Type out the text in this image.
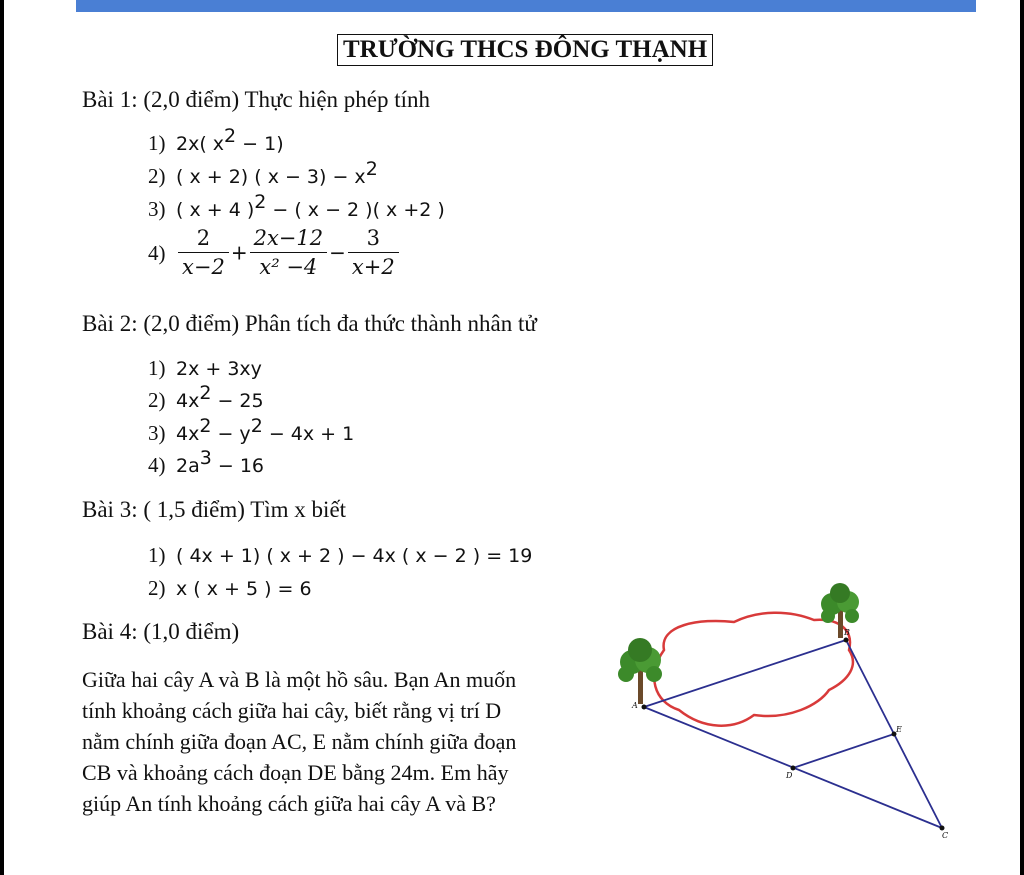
TRƯỜNG THCS ĐÔNG THẠNH
Bài 1: (2,0 điểm) Thực hiện phép tính
1) 2x( $x^2 - 1$)
2) ( x + 2) ( $x - 3) - x^2$
3) ( x + 4 )$^2$ − ( x − 2 )( x +2 )
$4) \frac{2}{x-2} + \frac{2x-12}{\text{x² −4}} - \frac{3}{x+2}$
Bài 2: (2,0 điểm) Phân tích đa thức thành nhân tử
1) 2x + 3xy
2) $4x^2 - 25$
3) $4x^2 - y^2 - 4x + 1$
4) $2a^3 - 16$
Bài 3: ( 1,5 điểm) Tìm x biết
1) ( 4x + 1) ( x + 2 ) − 4x ( x − 2 ) = 19
2) x ( x + 5 ) = 6
Bài 4: (1,0 điểm)
Giữa hai cây A và B là một hồ sâu. Bạn An muốn
tính khoảng cách giữa hai cây, biết rằng vị trí D
nằm chính giữa đoạn AC, E nằm chính giữa đoạn
CB và khoảng cách đoạn DE bằng 24m. Em hãy
giúp An tính khoảng cách giữa hai cây A và B?
A
B
C
D
E
